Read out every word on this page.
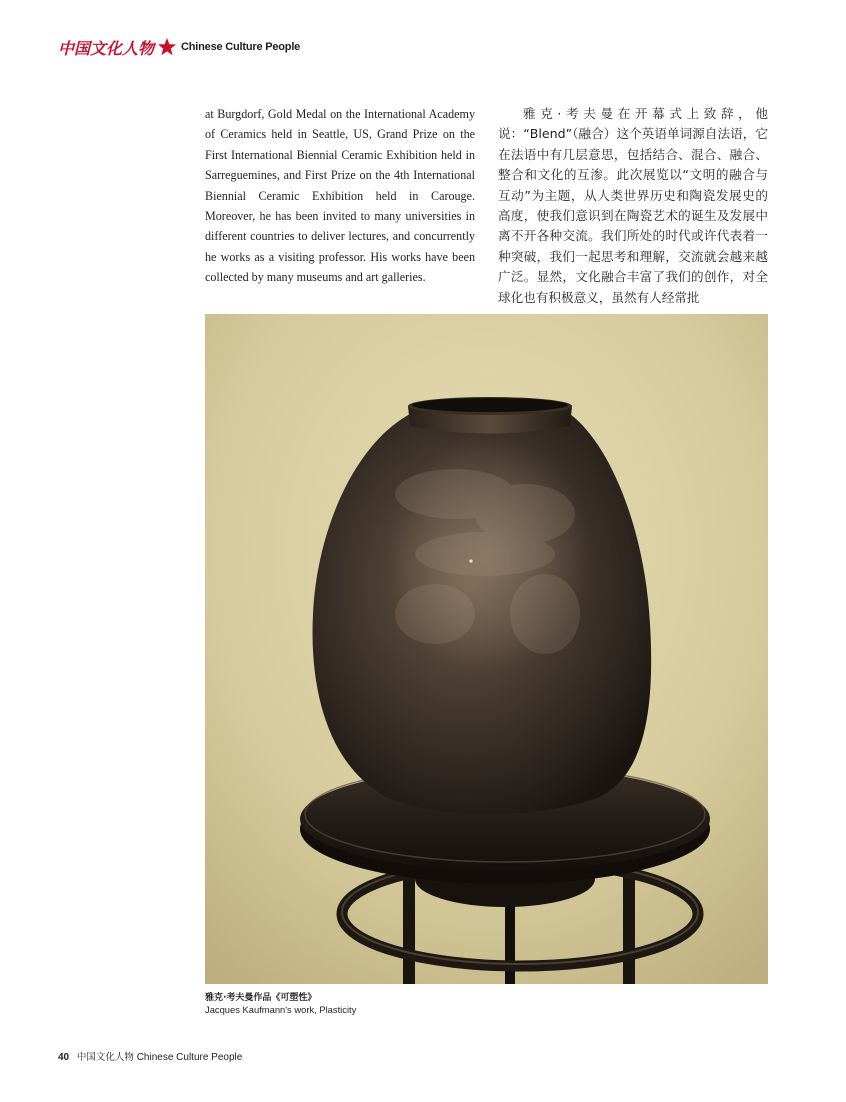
中国文化人物 Chinese Culture People

at Burgdorf, Gold Medal on the International Academy of Ceramics held in Seattle, US, Grand Prize on the First International Biennial Ceramic Exhibition held in Sarreguemines, and First Prize on the 4th International Biennial Ceramic Exhibition held in Carouge. Moreover, he has been invited to many universities in different countries to deliver lectures, and concurrently he works as a visiting professor. His works have been collected by many museums and art galleries.

雅克·考夫曼在开幕式上致辞，他说：“Blend”（融合）这个英语单词源自法语，它在法语中有几层意思，包括结合、混合、融合、整合和文化的互渗。此次展览以“文明的融合与互动”为主题，从人类世界历史和陶瓷发展史的高度，使我们意识到在陶瓷艺术的诞生及发展中离不开各种交流。我们所处的时代或许代表着一种突破，我们一起思考和理解，交流就会越来越广泛。显然，文化融合丰富了我们的创作，对全球化也有积极意义，虽然有人经常批

雅克·考夫曼作品《可塑性》
Jacques Kaufmann's work, Plasticity
40 中国文化人物 Chinese Culture People
